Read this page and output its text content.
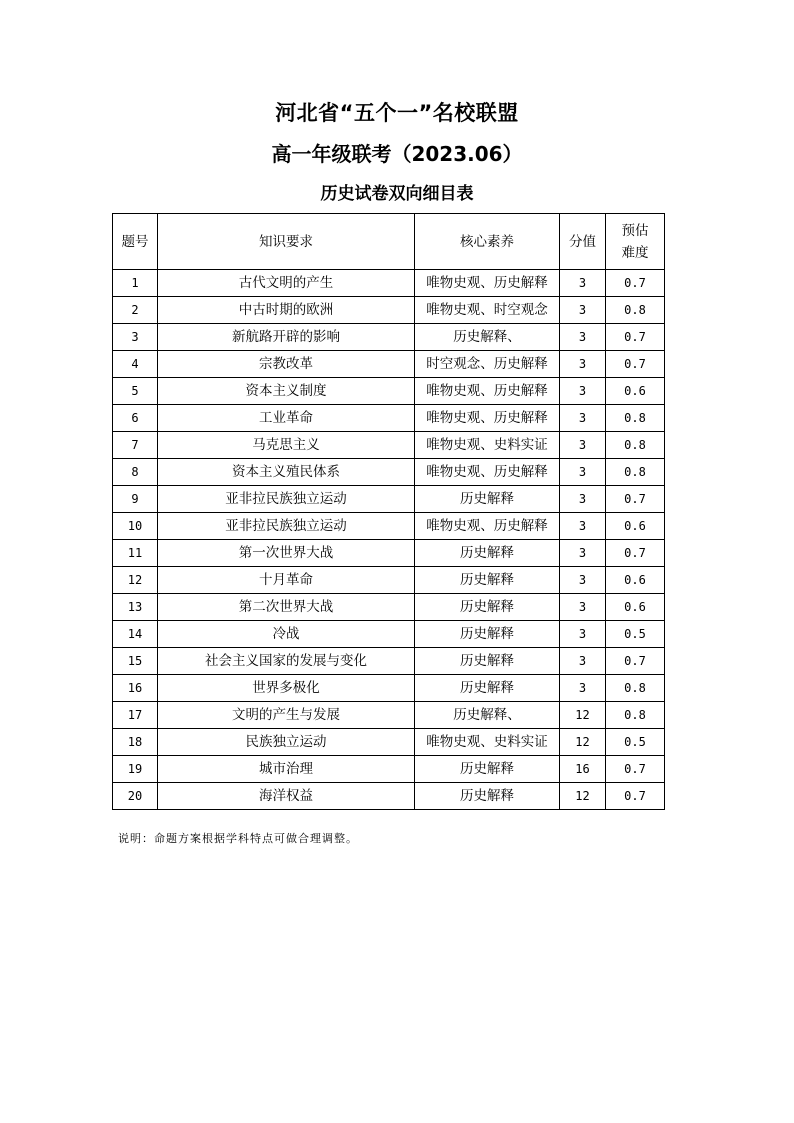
河北省“五个一”名校联盟
高一年级联考（2023.06）
历史试卷双向细目表
题号	知识要求	核心素养	分值	预估
难度
1	古代文明的产生	唯物史观、历史解释	3	0.7
2	中古时期的欧洲	唯物史观、时空观念	3	0.8
3	新航路开辟的影响	历史解释、	3	0.7
4	宗教改革	时空观念、历史解释	3	0.7
5	资本主义制度	唯物史观、历史解释	3	0.6
6	工业革命	唯物史观、历史解释	3	0.8
7	马克思主义	唯物史观、史料实证	3	0.8
8	资本主义殖民体系	唯物史观、历史解释	3	0.8
9	亚非拉民族独立运动	历史解释	3	0.7
10	亚非拉民族独立运动	唯物史观、历史解释	3	0.6
11	第一次世界大战	历史解释	3	0.7
12	十月革命	历史解释	3	0.6
13	第二次世界大战	历史解释	3	0.6
14	冷战	历史解释	3	0.5
15	社会主义国家的发展与变化	历史解释	3	0.7
16	世界多极化	历史解释	3	0.8
17	文明的产生与发展	历史解释、	12	0.8
18	民族独立运动	唯物史观、史料实证	12	0.5
19	城市治理	历史解释	16	0.7
20	海洋权益	历史解释	12	0.7
说明：命题方案根据学科特点可做合理调整。
